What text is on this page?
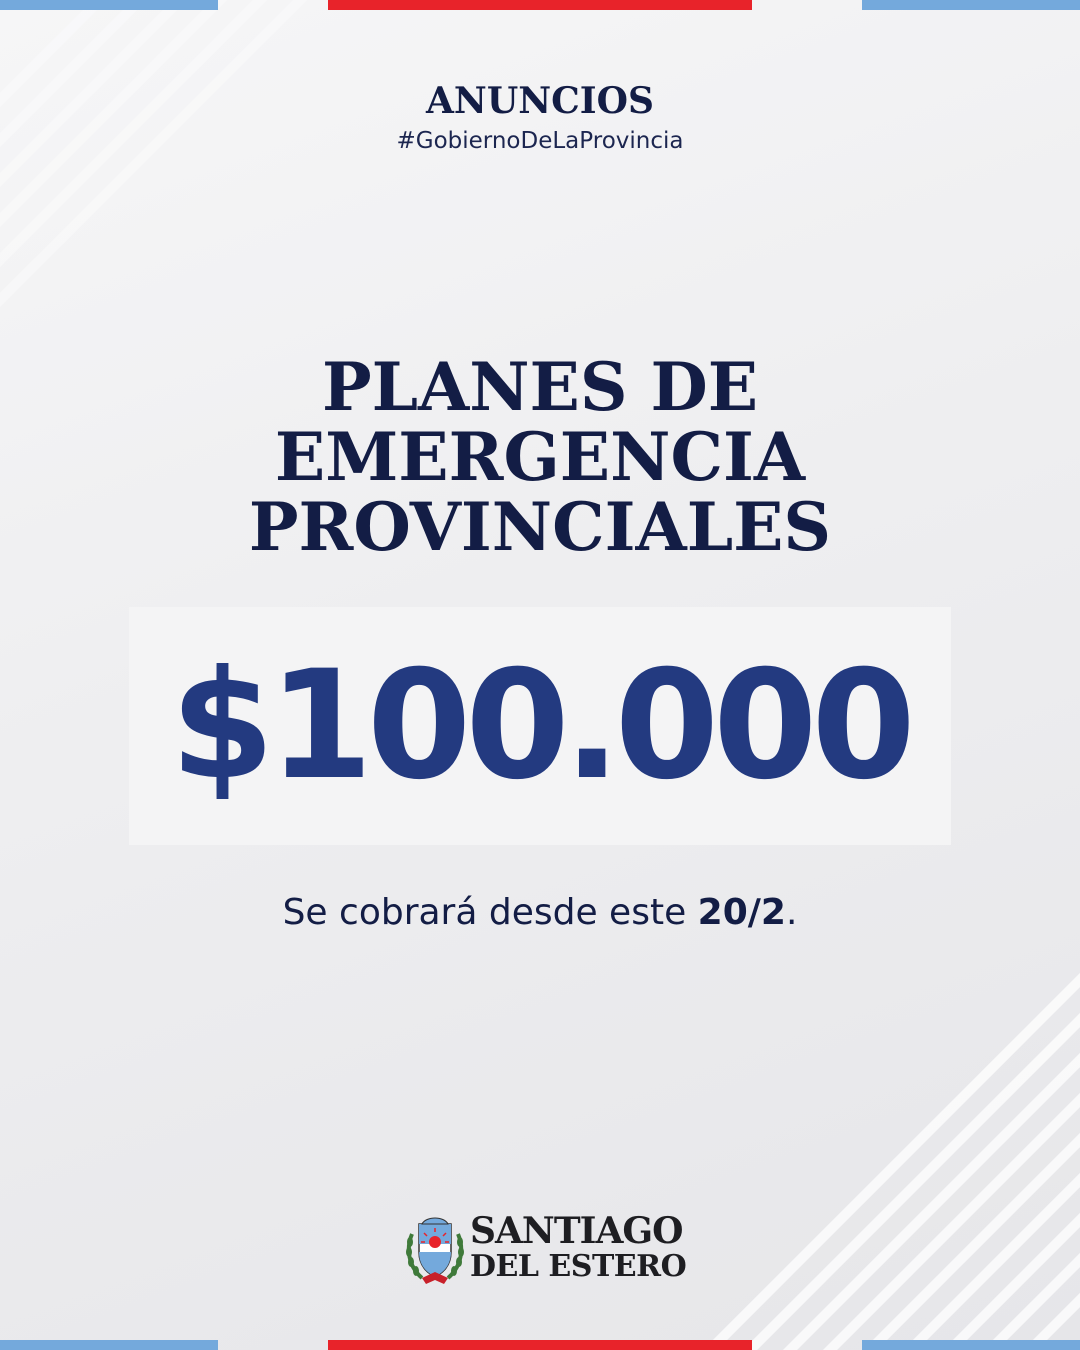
ANUNCIOS
#GobiernoDeLaProvincia
PLANES DE
EMERGENCIA
PROVINCIALES
$100.000
Se cobrará desde este 20/2.
SANTIAGO
DEL ESTERO
